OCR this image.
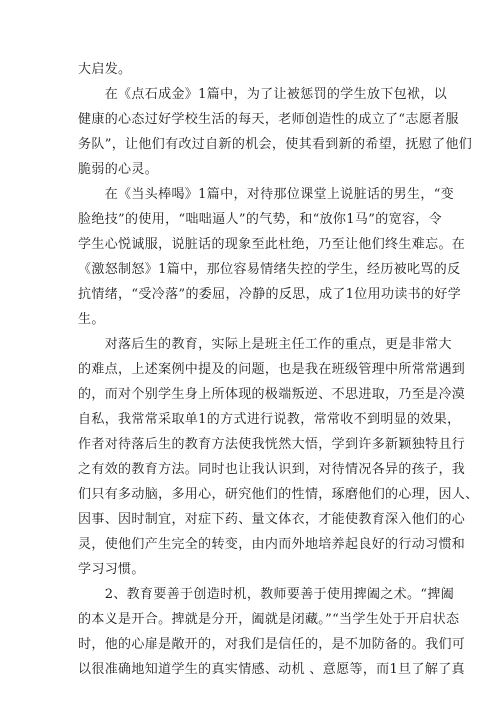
大启发。
　　在《点石成金》1篇中，为了让被惩罚的学生放下包袱，以
健康的心态过好学校生活的每天，老师创造性的成立了“志愿者服
务队”，让他们有改过自新的机会，使其看到新的希望，抚慰了他们
脆弱的心灵。
　　在《当头棒喝》1篇中，对待那位课堂上说脏话的男生，“变
脸绝技”的使用，“咄咄逼人”的气势，和“放你1马”的宽容，令
学生心悦诚服，说脏话的现象至此杜绝，乃至让他们终生难忘。在
《激怒制怒》1篇中，那位容易情绪失控的学生，经历被叱骂的反
抗情绪，“受冷落”的委屈，冷静的反思，成了1位用功读书的好学
生。
　　对落后生的教育，实际上是班主任工作的重点，更是非常大
的难点，上述案例中提及的问题，也是我在班级管理中所常常遇到
的，而对个别学生身上所体现的极端叛逆、不思进取，乃至是冷漠
自私，我常常采取单1的方式进行说教，常常收不到明显的效果，
作者对待落后生的教育方法使我恍然大悟，学到许多新颖独特且行
之有效的教育方法。同时也让我认识到，对待情况各异的孩子，我
们只有多动脑，多用心，研究他们的性情，琢磨他们的心理，因人、
因事、因时制宜，对症下药、量文体衣，才能使教育深入他们的心
灵，使他们产生完全的转变，由内而外地培养起良好的行动习惯和
学习习惯。
　　2、教育要善于创造时机，教师要善于使用捭阖之术。“捭阖
的本义是开合。捭就是分开，阖就是闭藏。”“当学生处于开启状态
时，他的心扉是敞开的，对我们是信任的，是不加防备的。我们可
以很准确地知道学生的真实情感、动机 、意愿等，而1旦了解了真
